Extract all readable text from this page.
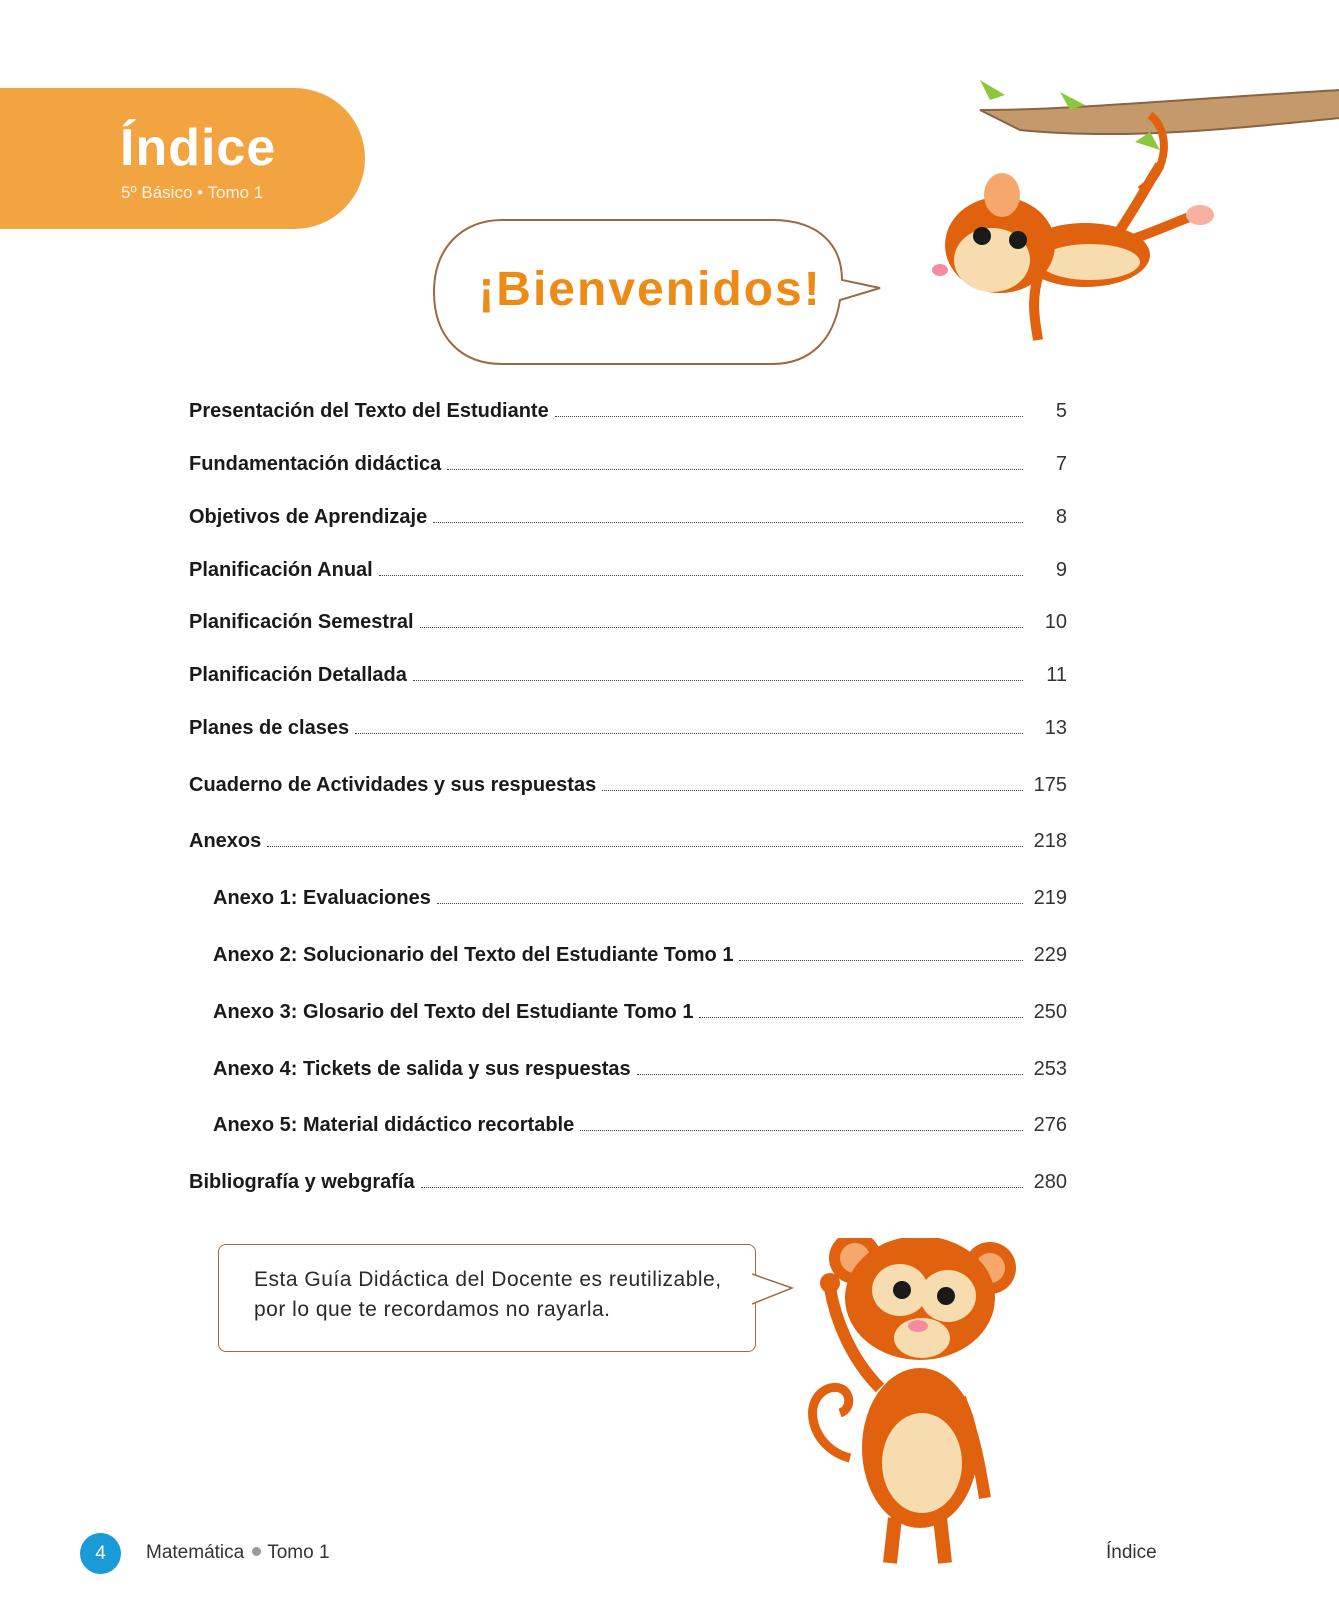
Índice
5º Básico • Tomo 1
¡Bienvenidos!
Presentación del Texto del Estudiante	5
Fundamentación didáctica	7
Objetivos de Aprendizaje	8
Planificación Anual	9
Planificación Semestral	10
Planificación Detallada	11
Planes de clases	13
Cuaderno de Actividades y sus respuestas	175
Anexos	218
Anexo 1: Evaluaciones	219
Anexo 2: Solucionario del Texto del Estudiante Tomo 1	229
Anexo 3: Glosario del Texto del Estudiante Tomo 1	250
Anexo 4: Tickets de salida y sus respuestas	253
Anexo 5: Material didáctico recortable	276
Bibliografía y webgrafía	280
Esta Guía Didáctica del Docente es reutilizable,
por lo que te recordamos no rayarla.
4	Matemática Tomo 1	Índice
